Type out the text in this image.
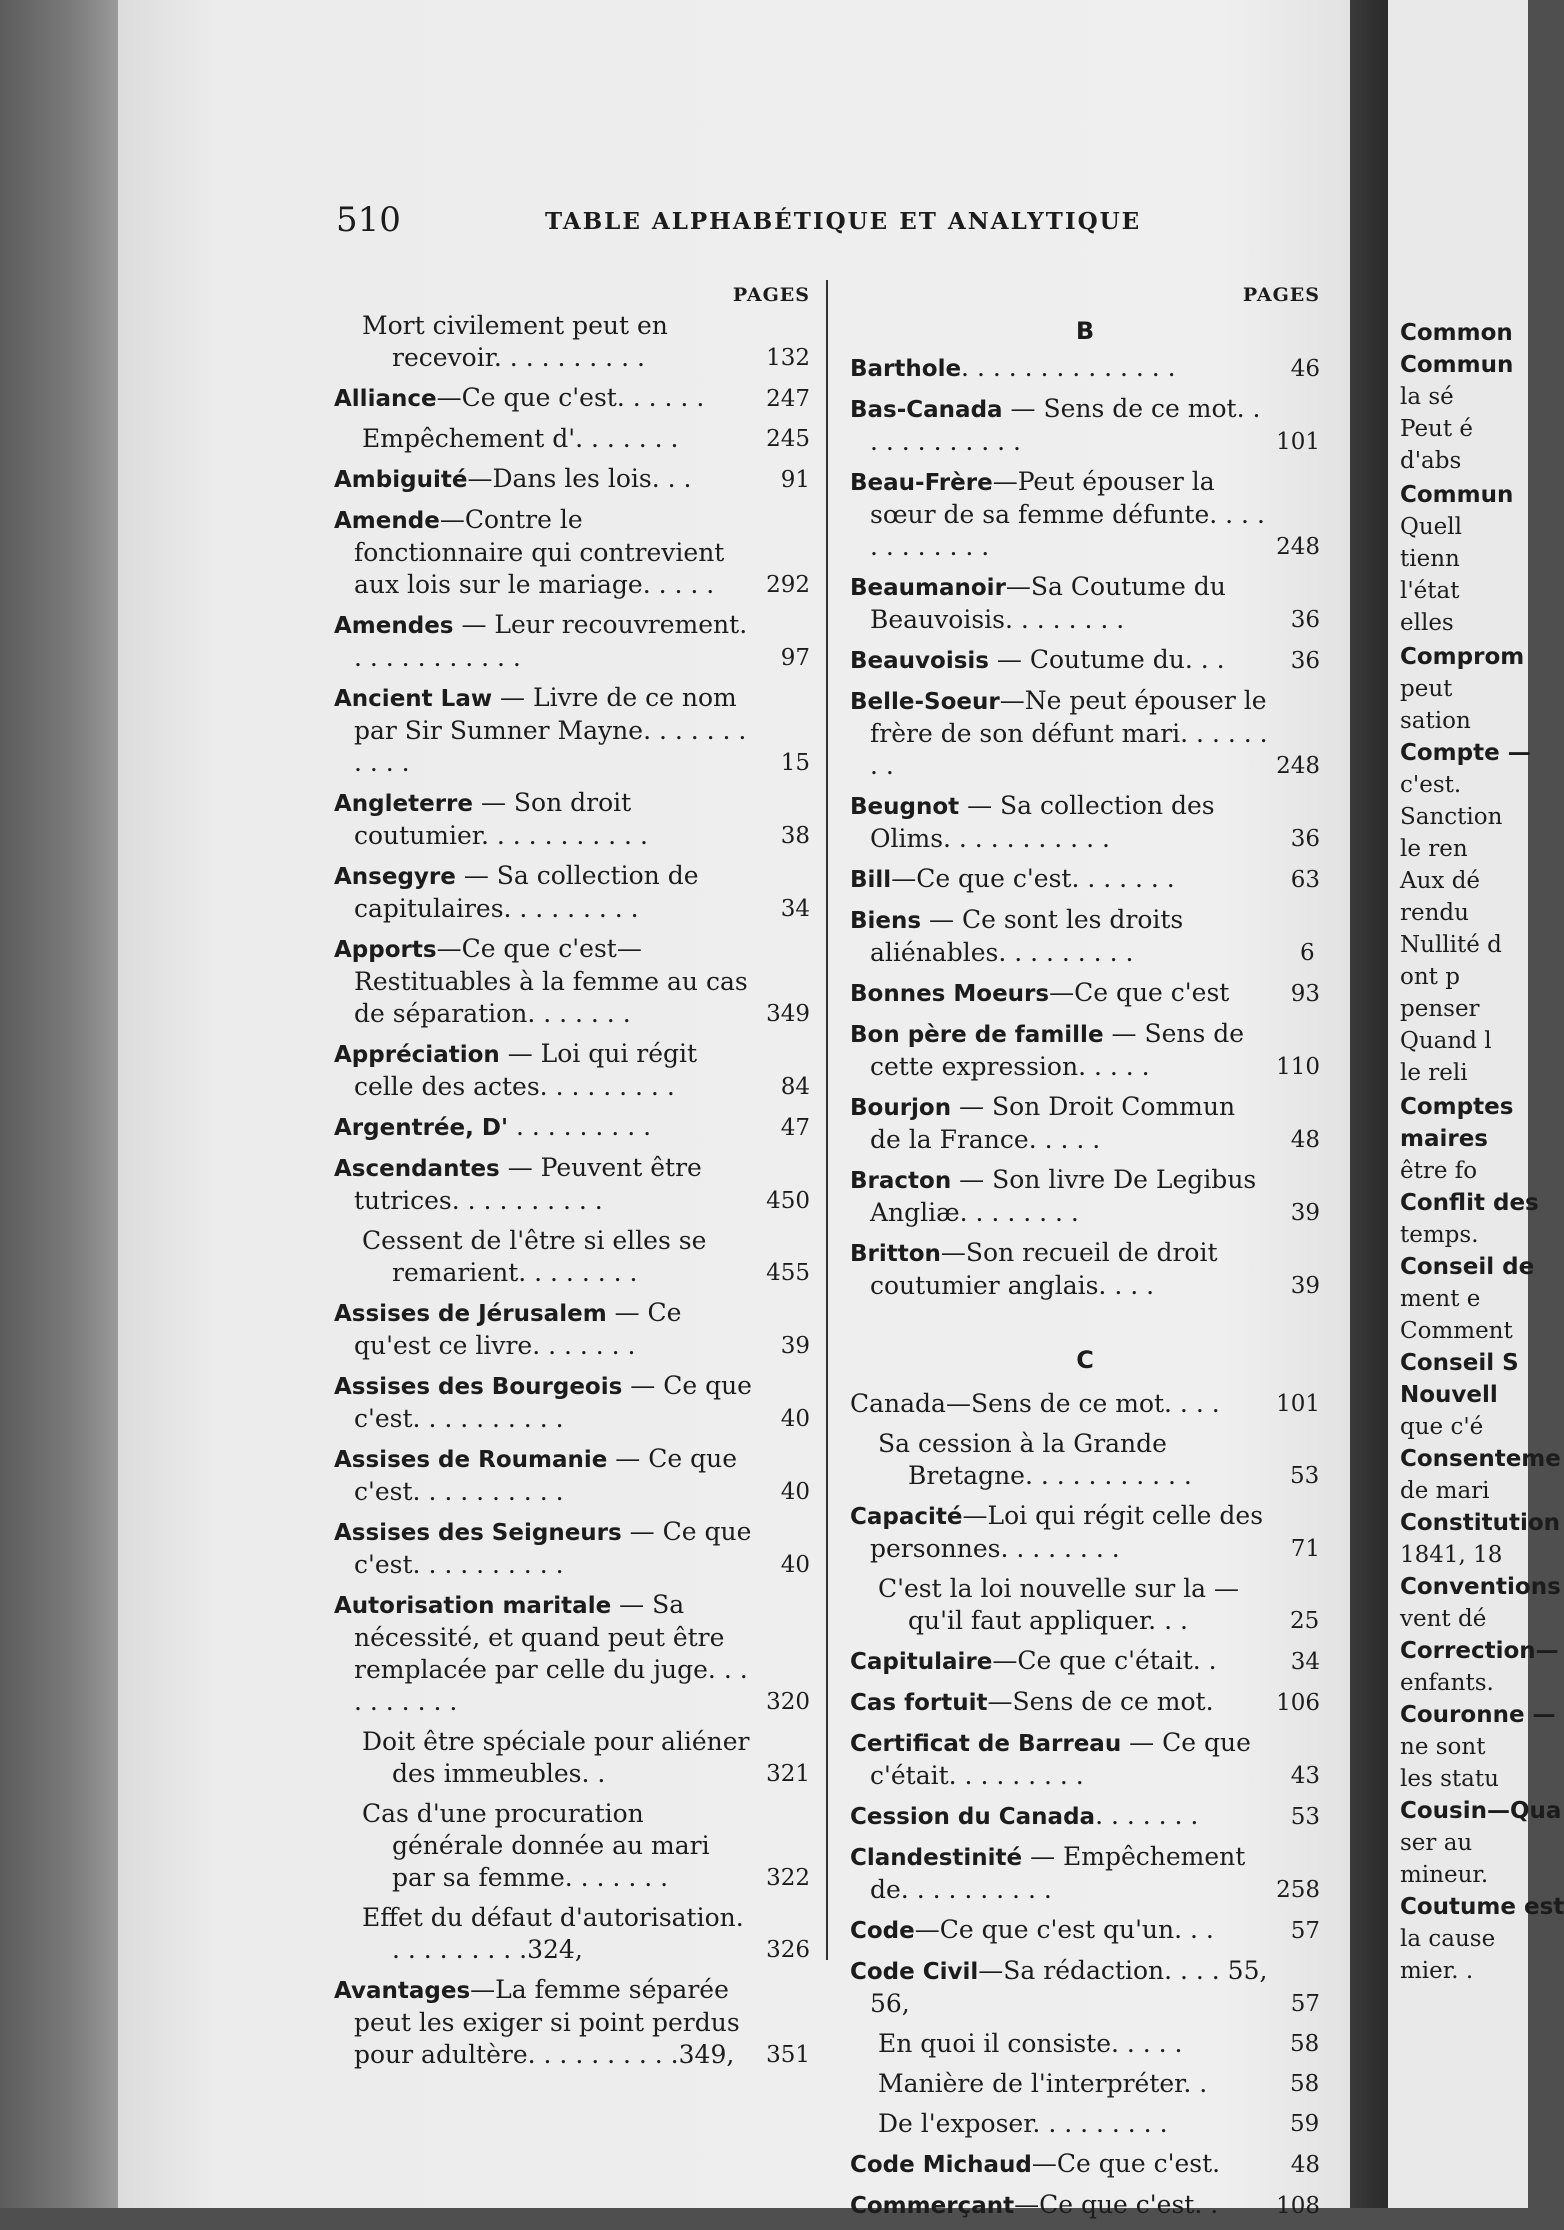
510	TABLE ALPHABÉTIQUE ET ANALYTIQUE
PAGES
Mort civilement peut en recevoir. . . . . . . . . .	132
Alliance—Ce que c'est. . . . . .	247
Empêchement d'. . . . . . .	245
Ambiguité—Dans les lois. . .	91
Amende—Contre le fonctionnaire qui contrevient aux lois sur le mariage. . . . .	292
Amendes — Leur recouvrement. . . . . . . . . . . .	97
Ancient Law — Livre de ce nom par Sir Sumner Mayne. . . . . . . . . . .	15
Angleterre — Son droit coutumier. . . . . . . . . . .	38
Ansegyre — Sa collection de capitulaires. . . . . . . . .	34
Apports—Ce que c'est—Restituables à la femme au cas de séparation. . . . . . .	349
Appréciation — Loi qui régit celle des actes. . . . . . . . .	84
Argentrée, D' . . . . . . . . .	47
Ascendantes — Peuvent être tutrices. . . . . . . . . .	450
Cessent de l'être si elles se remarient. . . . . . . .	455
Assises de Jérusalem — Ce qu'est ce livre. . . . . . .	39
Assises des Bourgeois — Ce que c'est. . . . . . . . . .	40
Assises de Roumanie — Ce que c'est. . . . . . . . . .	40
Assises des Seigneurs — Ce que c'est. . . . . . . . . .	40
Autorisation maritale — Sa nécessité, et quand peut être remplacée par celle du juge. . . . . . . . . .	320
Doit être spéciale pour aliéner des immeubles. .	321
Cas d'une procuration générale donnée au mari par sa femme. . . . . . .	322
Effet du défaut d'autorisation. . . . . . . . . .324,	326
Avantages—La femme séparée peut les exiger si point perdus pour adultère. . . . . . . . . .349,	351
PAGES
B
Barthole. . . . . . . . . . . . . .	46
Bas-Canada — Sens de ce mot. . . . . . . . . . . .	101
Beau-Frère—Peut épouser la sœur de sa femme défunte. . . . . . . . . . . .	248
Beaumanoir—Sa Coutume du Beauvoisis. . . . . . . .	36
Beauvoisis — Coutume du. . .	36
Belle-Soeur—Ne peut épouser le frère de son défunt mari. . . . . . . .	248
Beugnot — Sa collection des Olims. . . . . . . . . . .	36
Bill—Ce que c'est. . . . . . .	63
Biens — Ce sont les droits aliénables. . . . . . . . .	6
Bonnes Moeurs—Ce que c'est	93
Bon père de famille — Sens de cette expression. . . . .	110
Bourjon — Son Droit Commun de la France. . . . .	48
Bracton — Son livre De Legibus Angliæ. . . . . . . .	39
Britton—Son recueil de droit coutumier anglais. . . .	39
C
Canada—Sens de ce mot. . . .	101
Sa cession à la Grande Bretagne. . . . . . . . . . .	53
Capacité—Loi qui régit celle des personnes. . . . . . . .	71
C'est la loi nouvelle sur la —qu'il faut appliquer. . .	25
Capitulaire—Ce que c'était. .	34
Cas fortuit—Sens de ce mot.	106
Certificat de Barreau — Ce que c'était. . . . . . . . .	43
Cession du Canada. . . . . . .	53
Clandestinité — Empêchement de. . . . . . . . . .	258
Code—Ce que c'est qu'un. . .	57
Code Civil—Sa rédaction. . . . 55, 56,	57
En quoi il consiste. . . . .	58
Manière de l'interpréter. .	58
De l'exposer. . . . . . . . .	59
Code Michaud—Ce que c'est.	48
Commerçant—Ce que c'est. .	108
Common
Commun
la sé
Peut é
d'abs
Commun
Quell
tienn
l'état
elles
Comprom
peut
sation
Compte —
c'est.
Sanction
le ren
Aux dé
rendu
Nullité d
ont p
penser
Quand l
le reli
Comptes
maires
être fo
Conflit des
temps.
Conseil de
ment e
Comment
Conseil S
Nouvell
que c'é
Consenteme
de mari
Constitution
1841, 18
Conventions
vent dé
Correction—
enfants.
Couronne —
ne sont
les statu
Cousin—Qua
ser au
mineur.
Coutume est
la cause
mier. .
